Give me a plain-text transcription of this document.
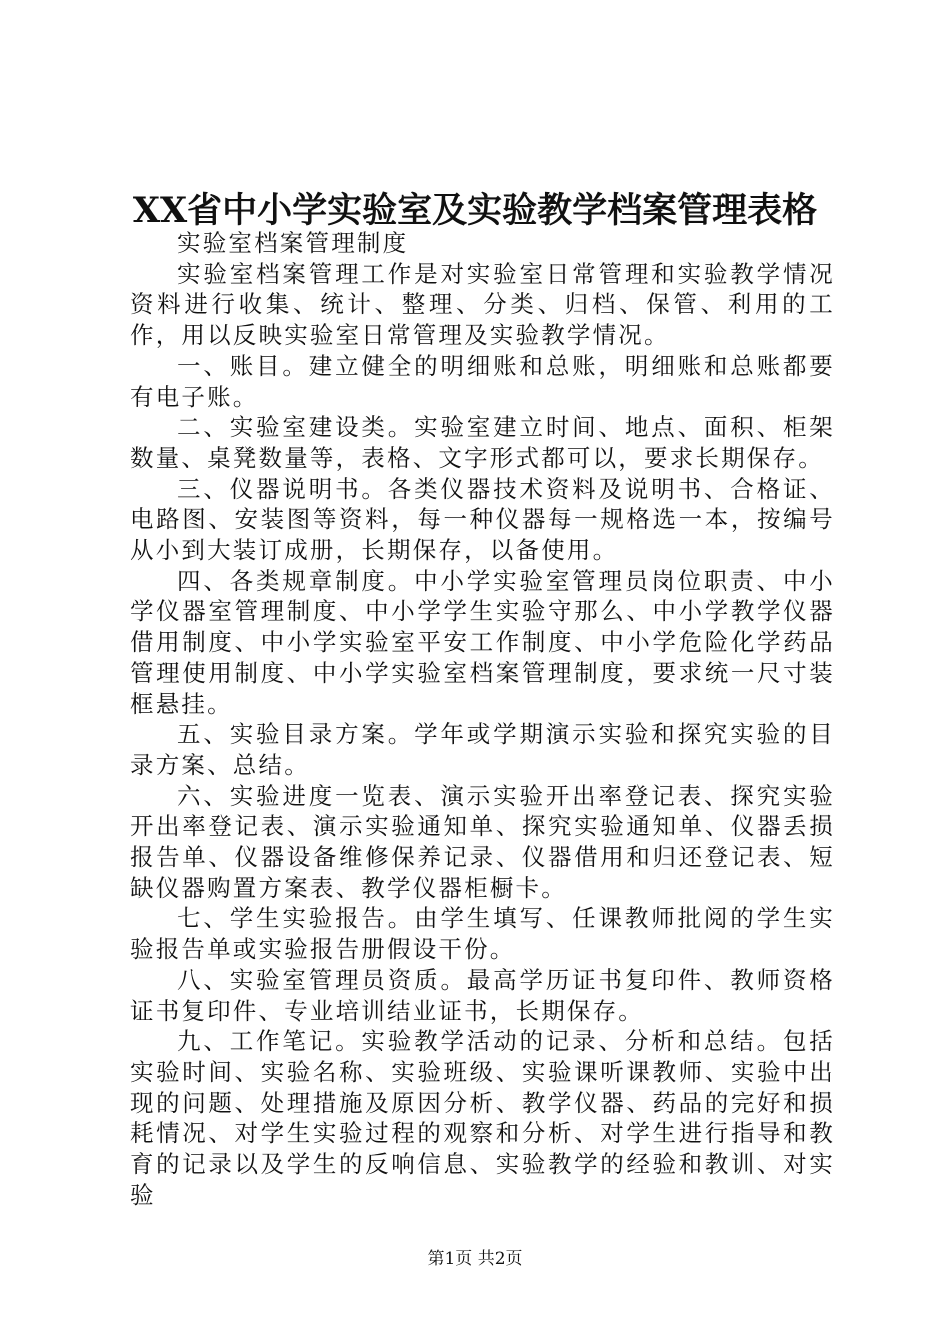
XX省中小学实验室及实验教学档案管理表格

实验室档案管理制度

实验室档案管理工作是对实验室日常管理和实验教学情况资料进行收集、统计、整理、分类、归档、保管、利用的工作，用以反映实验室日常管理及实验教学情况。

一、账目。建立健全的明细账和总账，明细账和总账都要有电子账。

二、实验室建设类。实验室建立时间、地点、面积、柜架数量、桌凳数量等，表格、文字形式都可以，要求长期保存。

三、仪器说明书。各类仪器技术资料及说明书、合格证、电路图、安装图等资料，每一种仪器每一规格选一本，按编号从小到大装订成册，长期保存，以备使用。

四、各类规章制度。中小学实验室管理员岗位职责、中小学仪器室管理制度、中小学学生实验守那么、中小学教学仪器借用制度、中小学实验室平安工作制度、中小学危险化学药品管理使用制度、中小学实验室档案管理制度，要求统一尺寸装框悬挂。

五、实验目录方案。学年或学期演示实验和探究实验的目录方案、总结。

六、实验进度一览表、演示实验开出率登记表、探究实验开出率登记表、演示实验通知单、探究实验通知单、仪器丢损报告单、仪器设备维修保养记录、仪器借用和归还登记表、短缺仪器购置方案表、教学仪器柜橱卡。

七、学生实验报告。由学生填写、任课教师批阅的学生实验报告单或实验报告册假设干份。

八、实验室管理员资质。最高学历证书复印件、教师资格证书复印件、专业培训结业证书，长期保存。

九、工作笔记。实验教学活动的记录、分析和总结。包括实验时间、实验名称、实验班级、实验课听课教师、实验中出现的问题、处理措施及原因分析、教学仪器、药品的完好和损耗情况、对学生实验过程的观察和分析、对学生进行指导和教育的记录以及学生的反响信息、实验教学的经验和教训、对实验

第1页 共2页
